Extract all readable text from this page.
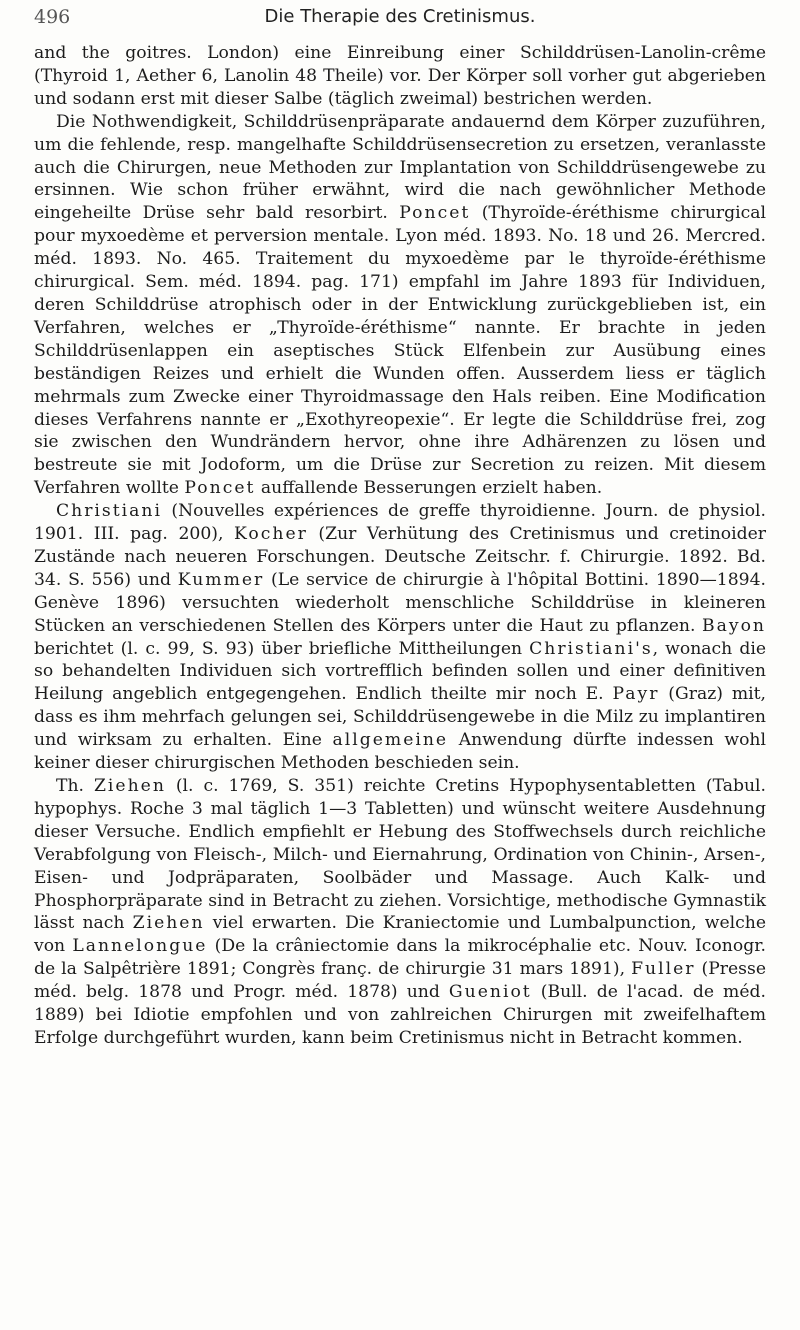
496	Die Therapie des Cretinismus.

and the goitres. London) eine Einreibung einer Schilddrüsen-Lanolin-crême (Thyroid 1, Aether 6, Lanolin 48 Theile) vor. Der Körper soll vorher gut abgerieben und sodann erst mit dieser Salbe (täglich zweimal) bestrichen werden.

Die Nothwendigkeit, Schilddrüsenpräparate andauernd dem Körper zuzuführen, um die fehlende, resp. mangelhafte Schilddrüsensecretion zu ersetzen, veranlasste auch die Chirurgen, neue Methoden zur Implantation von Schilddrüsengewebe zu ersinnen. Wie schon früher erwähnt, wird die nach gewöhnlicher Methode eingeheilte Drüse sehr bald resorbirt. Poncet (Thyroïde-éréthisme chirurgical pour myxoedème et perversion mentale. Lyon méd. 1893. No. 18 und 26. Mercred. méd. 1893. No. 465. Traitement du myxoedème par le thyroïde-éréthisme chirurgical. Sem. méd. 1894. pag. 171) empfahl im Jahre 1893 für Individuen, deren Schilddrüse atrophisch oder in der Entwicklung zurückgeblieben ist, ein Verfahren, welches er „Thyroïde-éréthisme“ nannte. Er brachte in jeden Schilddrüsenlappen ein aseptisches Stück Elfenbein zur Ausübung eines beständigen Reizes und erhielt die Wunden offen. Ausserdem liess er täglich mehrmals zum Zwecke einer Thyroidmassage den Hals reiben. Eine Modification dieses Verfahrens nannte er „Exothyreopexie“. Er legte die Schilddrüse frei, zog sie zwischen den Wundrändern hervor, ohne ihre Adhärenzen zu lösen und bestreute sie mit Jodoform, um die Drüse zur Secretion zu reizen. Mit diesem Verfahren wollte Poncet auffallende Besserungen erzielt haben.

Christiani (Nouvelles expériences de greffe thyroidienne. Journ. de physiol. 1901. III. pag. 200), Kocher (Zur Verhütung des Cretinismus und cretinoider Zustände nach neueren Forschungen. Deutsche Zeitschr. f. Chirurgie. 1892. Bd. 34. S. 556) und Kummer (Le service de chirurgie à l'hôpital Bottini. 1890—1894. Genève 1896) versuchten wiederholt menschliche Schilddrüse in kleineren Stücken an verschiedenen Stellen des Körpers unter die Haut zu pflanzen. Bayon berichtet (l. c. 99, S. 93) über briefliche Mittheilungen Christiani's, wonach die so behandelten Individuen sich vortrefflich befinden sollen und einer definitiven Heilung angeblich entgegengehen. Endlich theilte mir noch E. Payr (Graz) mit, dass es ihm mehrfach gelungen sei, Schilddrüsengewebe in die Milz zu implantiren und wirksam zu erhalten. Eine allgemeine Anwendung dürfte indessen wohl keiner dieser chirurgischen Methoden beschieden sein.

Th. Ziehen (l. c. 1769, S. 351) reichte Cretins Hypophysentabletten (Tabul. hypophys. Roche 3 mal täglich 1—3 Tabletten) und wünscht weitere Ausdehnung dieser Versuche. Endlich empfiehlt er Hebung des Stoffwechsels durch reichliche Verabfolgung von Fleisch-, Milch- und Eiernahrung, Ordination von Chinin-, Arsen-, Eisen- und Jodpräparaten, Soolbäder und Massage. Auch Kalk- und Phosphorpräparate sind in Betracht zu ziehen. Vorsichtige, methodische Gymnastik lässt nach Ziehen viel erwarten. Die Kraniectomie und Lumbalpunction, welche von Lannelongue (De la crâniectomie dans la mikrocéphalie etc. Nouv. Iconogr. de la Salpêtrière 1891; Congrès franç. de chirurgie 31 mars 1891), Fuller (Presse méd. belg. 1878 und Progr. méd. 1878) und Gueniot (Bull. de l'acad. de méd. 1889) bei Idiotie empfohlen und von zahlreichen Chirurgen mit zweifelhaftem Erfolge durchgeführt wurden, kann beim Cretinismus nicht in Betracht kommen.
